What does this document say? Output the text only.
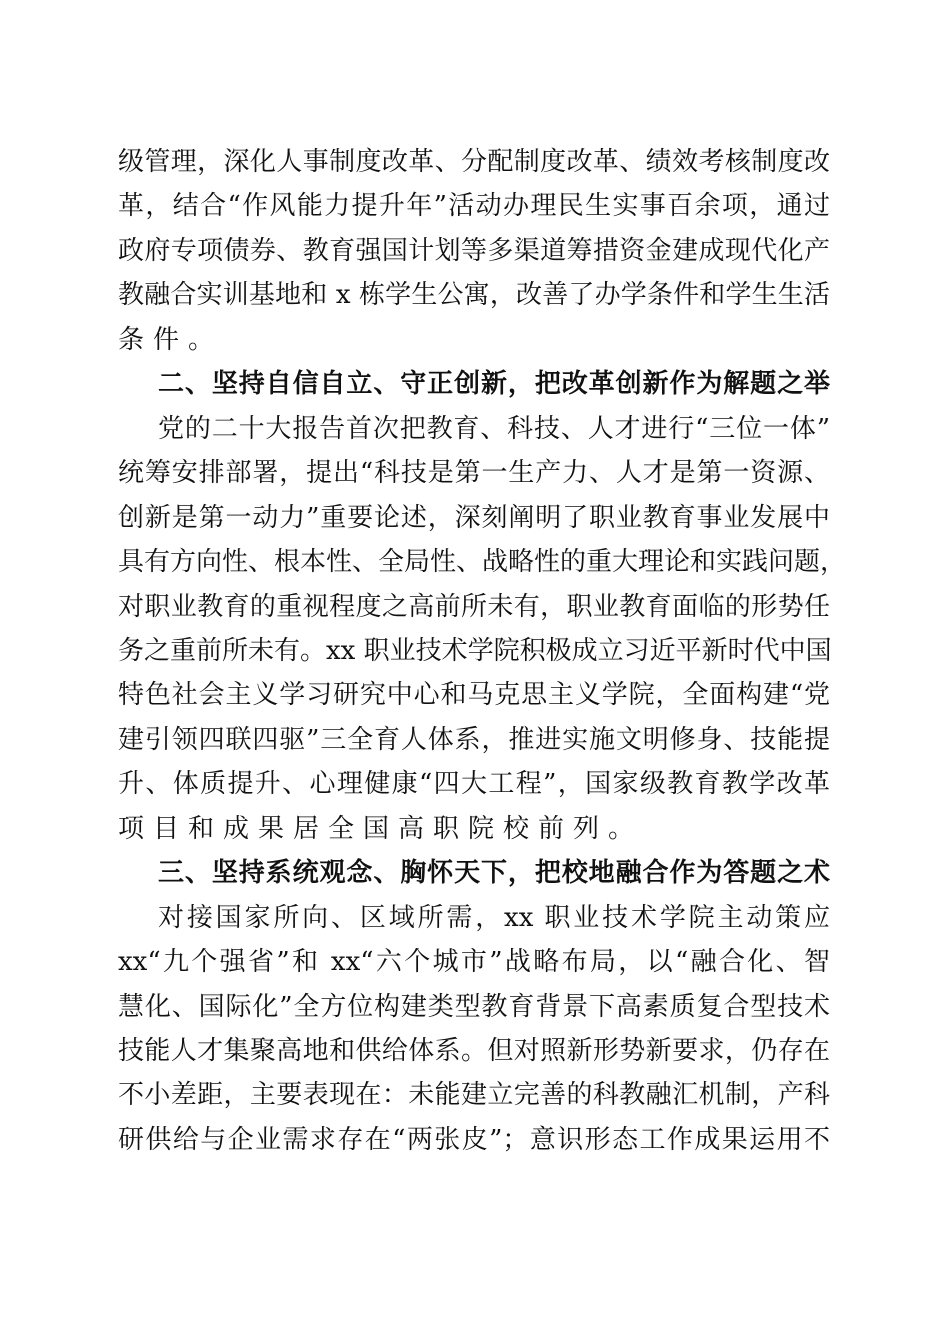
级管理，深化人事制度改革、分配制度改革、绩效考核制度改
革，结合“作风能力提升年”活动办理民生实事百余项，通过
政府专项债券、教育强国计划等多渠道筹措资金建成现代化产
教融合实训基地和 x 栋学生公寓，改善了办学条件和学生生活
条件。
二、坚持自信自立、守正创新，把改革创新作为解题之举
党的二十大报告首次把教育、科技、人才进行“三位一体”
统筹安排部署，提出“科技是第一生产力、人才是第一资源、
创新是第一动力”重要论述，深刻阐明了职业教育事业发展中
具有方向性、根本性、全局性、战略性的重大理论和实践问题，
对职业教育的重视程度之高前所未有，职业教育面临的形势任
务之重前所未有。xx 职业技术学院积极成立习近平新时代中国
特色社会主义学习研究中心和马克思主义学院，全面构建“党
建引领四联四驱”三全育人体系，推进实施文明修身、技能提
升、体质提升、心理健康“四大工程”，国家级教育教学改革
项目和成果居全国高职院校前列。
三、坚持系统观念、胸怀天下，把校地融合作为答题之术
对接国家所向、区域所需，xx 职业技术学院主动策应
xx“九个强省”和 xx“六个城市”战略布局，以“融合化、智
慧化、国际化”全方位构建类型教育背景下高素质复合型技术
技能人才集聚高地和供给体系。但对照新形势新要求，仍存在
不小差距，主要表现在：未能建立完善的科教融汇机制，产科
研供给与企业需求存在“两张皮”；意识形态工作成果运用不
